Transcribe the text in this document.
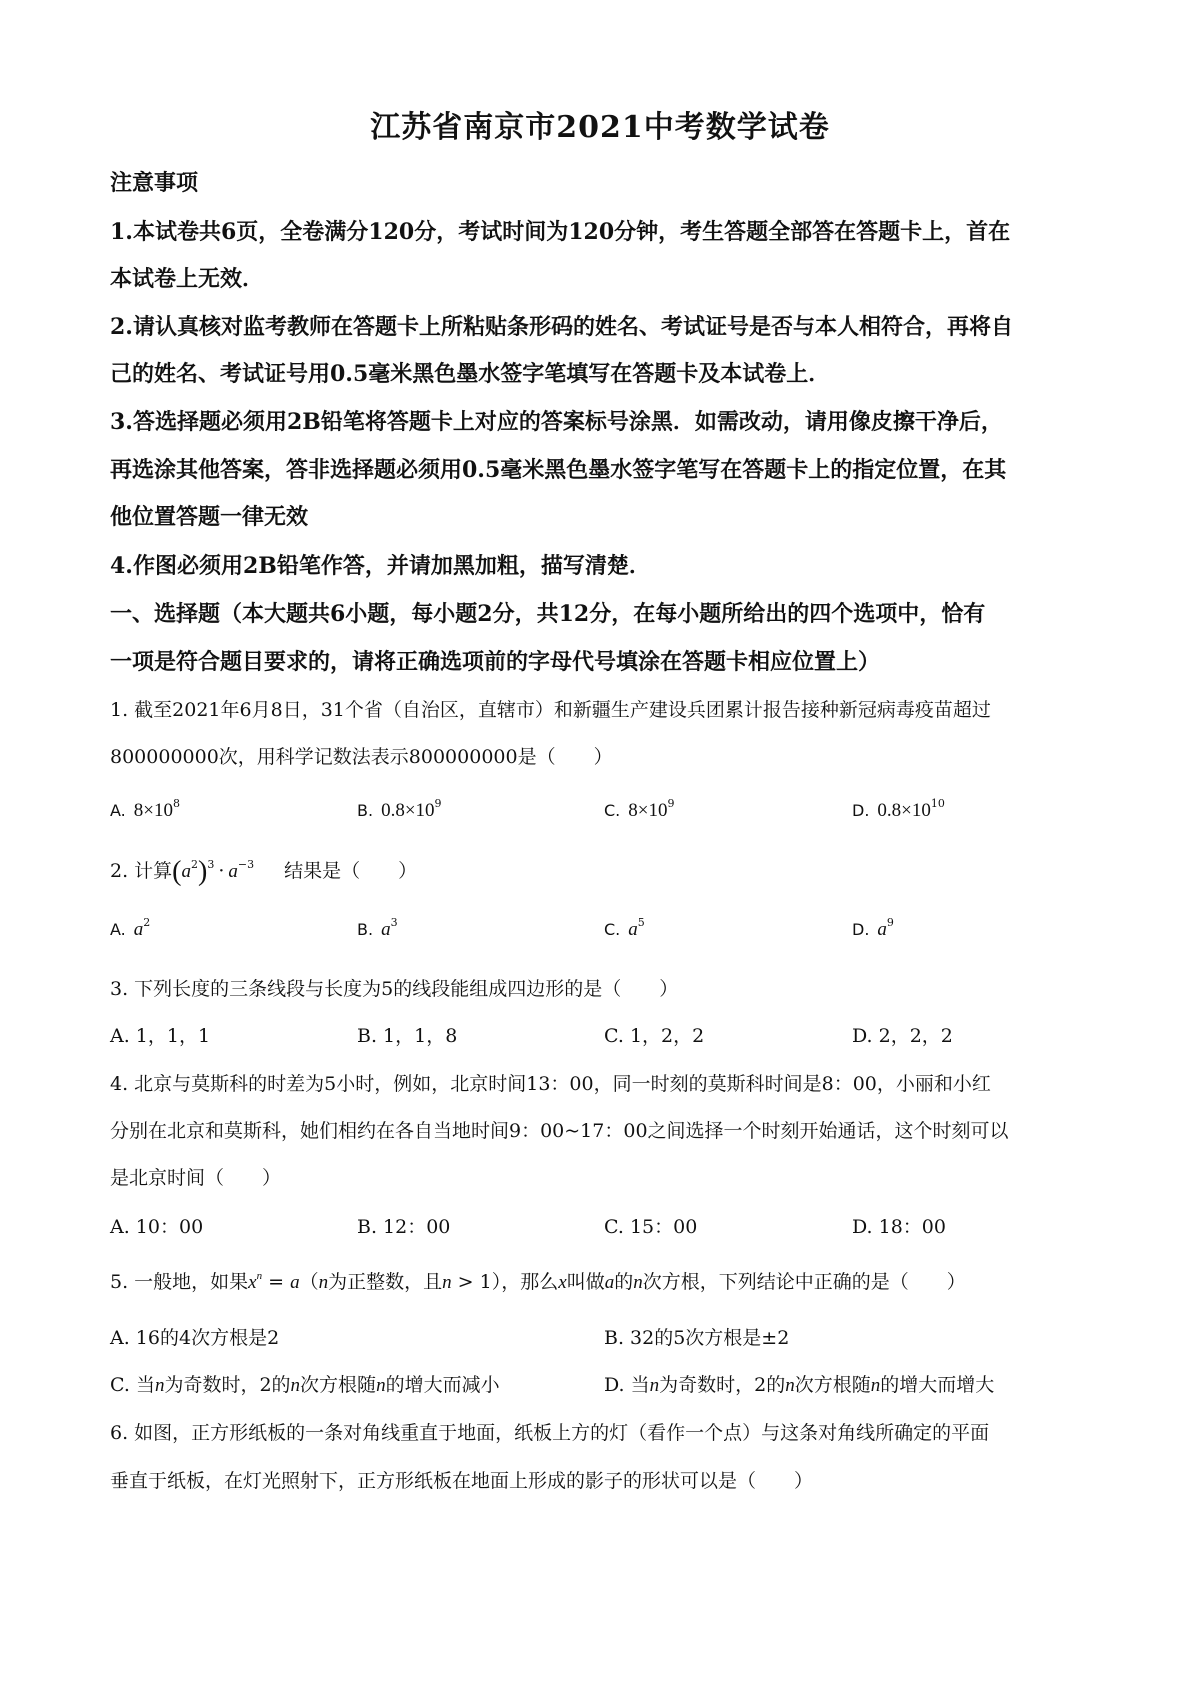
江苏省南京市2021中考数学试卷
注意事项
1.本试卷共6页，全卷满分120分，考试时间为120分钟，考生答题全部答在答题卡上，首在
本试卷上无效．
2.请认真核对监考教师在答题卡上所粘贴条形码的姓名、考试证号是否与本人相符合，再将自
己的姓名、考试证号用0.5毫米黑色墨水签字笔填写在答题卡及本试卷上．
3.答选择题必须用2B铅笔将答题卡上对应的答案标号涂黑．如需改动，请用像皮擦干净后，
再选涂其他答案，答非选择题必须用0.5毫米黑色墨水签字笔写在答题卡上的指定位置，在其
他位置答题一律无效
4.作图必须用2B铅笔作答，并请加黑加粗，描写清楚．
一、选择题（本大题共6小题，每小题2分，共12分，在每小题所给出的四个选项中，恰有
一项是符合题目要求的，请将正确选项前的字母代号填涂在答题卡相应位置上）
1. 截至2021年6月8日，31个省（自治区，直辖市）和新疆生产建设兵团累计报告接种新冠病毒疫苗超过
800000000次，用科学记数法表示800000000是（　　）
A. $8\times 10^8$	B. $0.8\times 10^9$	C. $8\times 10^9$	D. $0.8\times 10^{10}$
2. 计算$(a^2)^3 \cdot a^{-3}$ 结果是（　　）
A. $a^2$	B. $a^3$	C. $a^5$	D. $a^9$
3. 下列长度的三条线段与长度为5的线段能组成四边形的是（　　）
A. 1，1，1	B. 1，1，8	C. 1，2，2	D. 2，2，2
4. 北京与莫斯科的时差为5小时，例如，北京时间13：00，同一时刻的莫斯科时间是8：00，小丽和小红
分别在北京和莫斯科，她们相约在各自当地时间9：00~17：00之间选择一个时刻开始通话，这个时刻可以
是北京时间（　　）
A. 10：00	B. 12：00	C. 15：00	D. 18：00
5. 一般地，如果$x^n = a(n$为正整数，且n > 1），那么x叫做a的n次方根，下列结论中正确的是（　　）
A. 16的4次方根是2	B. 32的5次方根是±2
C. 当n为奇数时，2的n次方根随n的增大而减小	D. 当n为奇数时，2的n次方根随n的增大而增大
6. 如图，正方形纸板的一条对角线重直于地面，纸板上方的灯（看作一个点）与这条对角线所确定的平面
垂直于纸板，在灯光照射下，正方形纸板在地面上形成的影子的形状可以是（　　）
